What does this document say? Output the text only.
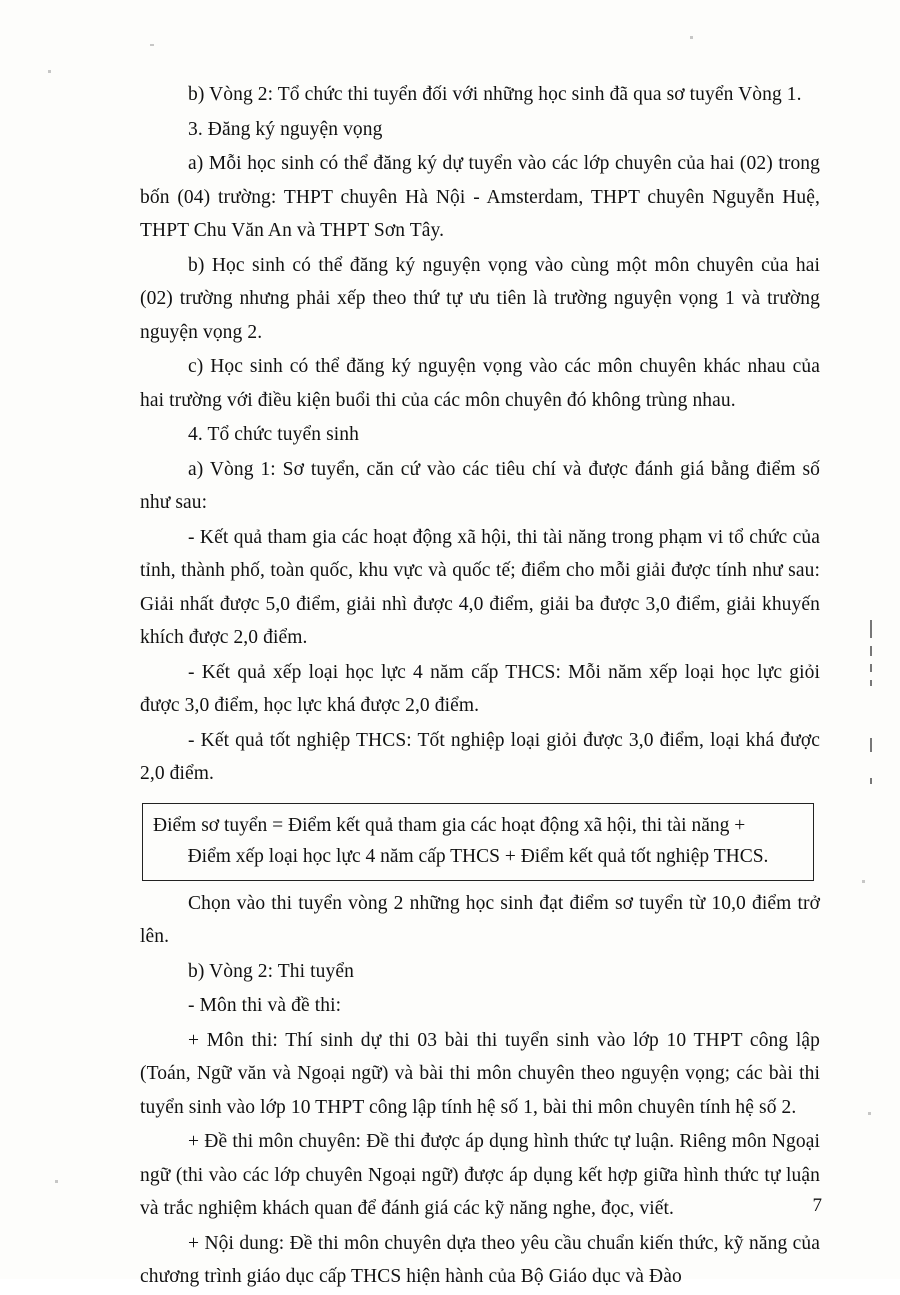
b) Vòng 2: Tổ chức thi tuyển đối với những học sinh đã qua sơ tuyển Vòng 1.

3. Đăng ký nguyện vọng

a) Mỗi học sinh có thể đăng ký dự tuyển vào các lớp chuyên của hai (02) trong bốn (04) trường: THPT chuyên Hà Nội - Amsterdam, THPT chuyên Nguyễn Huệ, THPT Chu Văn An và THPT Sơn Tây.

b) Học sinh có thể đăng ký nguyện vọng vào cùng một môn chuyên của hai (02) trường nhưng phải xếp theo thứ tự ưu tiên là trường nguyện vọng 1 và trường nguyện vọng 2.

c) Học sinh có thể đăng ký nguyện vọng vào các môn chuyên khác nhau của hai trường với điều kiện buổi thi của các môn chuyên đó không trùng nhau.

4. Tổ chức tuyển sinh

a) Vòng 1: Sơ tuyển, căn cứ vào các tiêu chí và được đánh giá bằng điểm số như sau:

- Kết quả tham gia các hoạt động xã hội, thi tài năng trong phạm vi tổ chức của tỉnh, thành phố, toàn quốc, khu vực và quốc tế; điểm cho mỗi giải được tính như sau: Giải nhất được 5,0 điểm, giải nhì được 4,0 điểm, giải ba được 3,0 điểm, giải khuyến khích được 2,0 điểm.

- Kết quả xếp loại học lực 4 năm cấp THCS: Mỗi năm xếp loại học lực giỏi được 3,0 điểm, học lực khá được 2,0 điểm.

- Kết quả tốt nghiệp THCS: Tốt nghiệp loại giỏi được 3,0 điểm, loại khá được 2,0 điểm.

Điểm sơ tuyển = Điểm kết quả tham gia các hoạt động xã hội, thi tài năng +
Điểm xếp loại học lực 4 năm cấp THCS + Điểm kết quả tốt nghiệp THCS.

Chọn vào thi tuyển vòng 2 những học sinh đạt điểm sơ tuyển từ 10,0 điểm trở lên.

b) Vòng 2: Thi tuyển

- Môn thi và đề thi:

+ Môn thi: Thí sinh dự thi 03 bài thi tuyển sinh vào lớp 10 THPT công lập (Toán, Ngữ văn và Ngoại ngữ) và bài thi môn chuyên theo nguyện vọng; các bài thi tuyển sinh vào lớp 10 THPT công lập tính hệ số 1, bài thi môn chuyên tính hệ số 2.

+ Đề thi môn chuyên: Đề thi được áp dụng hình thức tự luận. Riêng môn Ngoại ngữ (thi vào các lớp chuyên Ngoại ngữ) được áp dụng kết hợp giữa hình thức tự luận và trắc nghiệm khách quan để đánh giá các kỹ năng nghe, đọc, viết.

+ Nội dung: Đề thi môn chuyên dựa theo yêu cầu chuẩn kiến thức, kỹ năng của chương trình giáo dục cấp THCS hiện hành của Bộ Giáo dục và Đào

7
